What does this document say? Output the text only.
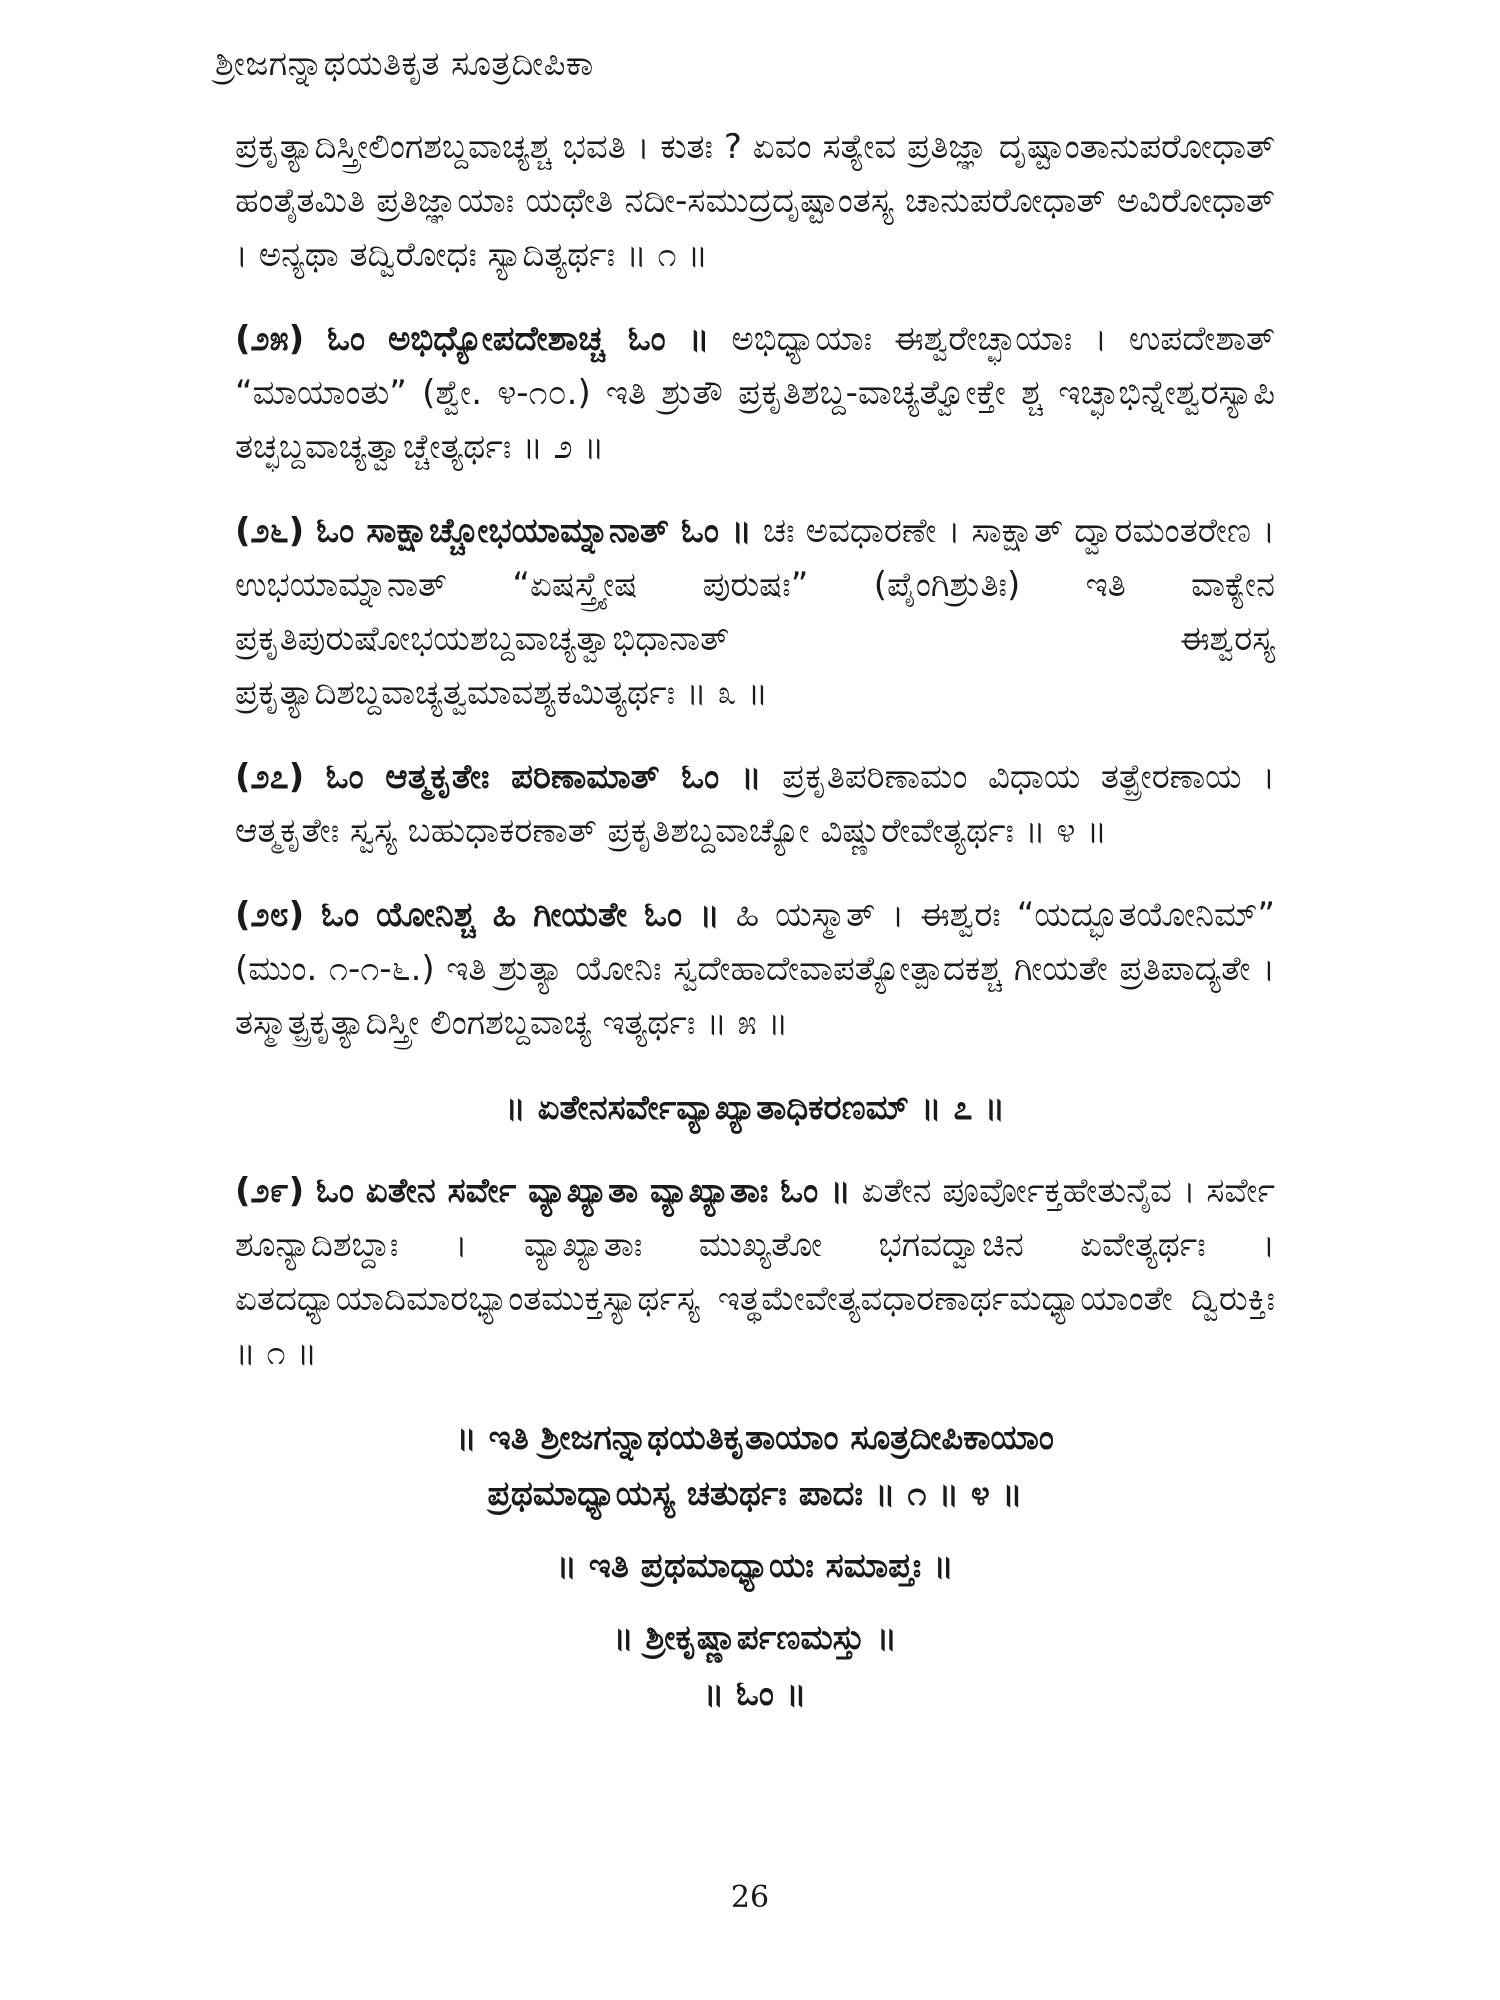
ಶ್ರೀಜಗನ್ನಾಥಯತಿಕೃತ ಸೂತ್ರದೀಪಿಕಾ

ಪ್ರಕೃತ್ಯಾದಿಸ್ತ್ರೀಲಿಂಗಶಬ್ದವಾಚ್ಯಶ್ಚ ಭವತಿ । ಕುತಃ ? ಏವಂ ಸತ್ಯೇವ ಪ್ರತಿಜ್ಞಾ ದೃಷ್ಟಾಂತಾನುಪರೋಧಾತ್ ಹಂತೈತಮಿತಿ ಪ್ರತಿಜ್ಞಾಯಾಃ ಯಥೇತಿ ನದೀ-ಸಮುದ್ರದೃಷ್ಟಾಂತಸ್ಯ ಚಾನುಪರೋಧಾತ್ ಅವಿರೋಧಾತ್ । ಅನ್ಯಥಾ ತದ್ವಿರೋಧಃ ಸ್ಯಾದಿತ್ಯರ್ಥಃ ॥ ೧ ॥

(೨೫) ಓಂ ಅಭಿಧ್ಯೋಪದೇಶಾಚ್ಚ ಓಂ ॥ ಅಭಿಧ್ಯಾಯಾಃ ಈಶ್ವರೇಚ್ಛಾಯಾಃ । ಉಪದೇಶಾತ್ “ಮಾಯಾಂತು” (ಶ್ವೇ. ೪-೧೦.) ಇತಿ ಶ್ರುತೌ ಪ್ರಕೃತಿಶಬ್ದ-ವಾಚ್ಯತ್ವೋಕ್ತೇ ಶ್ಚ ಇಚ್ಛಾಭಿನ್ನೇಶ್ವರಸ್ಯಾಪಿ ತಚ್ಛಬ್ದವಾಚ್ಯತ್ವಾಚ್ಚೇತ್ಯರ್ಥಃ ॥ ೨ ॥

(೨೬) ಓಂ ಸಾಕ್ಷಾಚ್ಚೋಭಯಾಮ್ನಾನಾತ್ ಓಂ ॥ ಚಃ ಅವಧಾರಣೇ । ಸಾಕ್ಷಾತ್ ದ್ವಾರಮಂತರೇಣ । ಉಭಯಾಮ್ನಾನಾತ್ “ಏಷಸ್ತ್ರ್ಯೇಷ ಪುರುಷಃ” (ಪೈಂಗಿಶ್ರುತಿಃ) ಇತಿ ವಾಕ್ಯೇನ ಪ್ರಕೃತಿಪುರುಷೋಭಯಶಬ್ದವಾಚ್ಯತ್ವಾಭಿಧಾನಾತ್ ಈಶ್ವರಸ್ಯ ಪ್ರಕೃತ್ಯಾದಿಶಬ್ದವಾಚ್ಯತ್ವಮಾವಶ್ಯಕಮಿತ್ಯರ್ಥಃ ॥ ೩ ॥

(೨೭) ಓಂ ಆತ್ಮಕೃತೇಃ ಪರಿಣಾಮಾತ್ ಓಂ ॥ ಪ್ರಕೃತಿಪರಿಣಾಮಂ ವಿಧಾಯ ತತ್ಪ್ರೇರಣಾಯ । ಆತ್ಮಕೃತೇಃ ಸ್ವಸ್ಯ ಬಹುಧಾಕರಣಾತ್ ಪ್ರಕೃತಿಶಬ್ದವಾಚ್ಯೋ ವಿಷ್ಣುರೇವೇತ್ಯರ್ಥಃ ॥ ೪ ॥

(೨೮) ಓಂ ಯೋನಿಶ್ಚ ಹಿ ಗೀಯತೇ ಓಂ ॥ ಹಿ ಯಸ್ಮಾತ್ । ಈಶ್ವರಃ “ಯದ್ಭೂತಯೋನಿಮ್” (ಮುಂ. ೧-೧-೬.) ಇತಿ ಶ್ರುತ್ಯಾ ಯೋನಿಃ ಸ್ವದೇಹಾದೇವಾಪತ್ಯೋತ್ಪಾದಕಶ್ಚ ಗೀಯತೇ ಪ್ರತಿಪಾದ್ಯತೇ । ತಸ್ಮಾತ್ಪ್ರಕೃತ್ಯಾದಿಸ್ತ್ರೀ ಲಿಂಗಶಬ್ದವಾಚ್ಯ ಇತ್ಯರ್ಥಃ ॥ ೫ ॥

॥ ಏತೇನಸರ್ವೇವ್ಯಾಖ್ಯಾತಾಧಿಕರಣಮ್ ॥ ೭ ॥

(೨೯) ಓಂ ಏತೇನ ಸರ್ವೇ ವ್ಯಾಖ್ಯಾತಾ ವ್ಯಾಖ್ಯಾತಾಃ ಓಂ ॥ ಏತೇನ ಪೂರ್ವೋಕ್ತಹೇತುನೈವ । ಸರ್ವೇ ಶೂನ್ಯಾದಿಶಬ್ದಾಃ । ವ್ಯಾಖ್ಯಾತಾಃ ಮುಖ್ಯತೋ ಭಗವದ್ವಾಚಿನ ಏವೇತ್ಯರ್ಥಃ । ಏತದಧ್ಯಾಯಾದಿಮಾರಭ್ಯಾಂತಮುಕ್ತಸ್ಯಾರ್ಥಸ್ಯ ಇತ್ಥಮೇವೇತ್ಯವಧಾರಣಾರ್ಥಮಧ್ಯಾಯಾಂತೇ ದ್ವಿರುಕ್ತಿಃ ॥ ೧ ॥

॥ ಇತಿ ಶ್ರೀಜಗನ್ನಾಥಯತಿಕೃತಾಯಾಂ ಸೂತ್ರದೀಪಿಕಾಯಾಂ

ಪ್ರಥಮಾಧ್ಯಾಯಸ್ಯ ಚತುರ್ಥಃ ಪಾದಃ ॥ ೧ ॥ ೪ ॥

॥ ಇತಿ ಪ್ರಥಮಾಧ್ಯಾಯಃ ಸಮಾಪ್ತಃ ॥

॥ ಶ್ರೀಕೃಷ್ಣಾರ್ಪಣಮಸ್ತು ॥

॥ ಓಂ ॥

26
